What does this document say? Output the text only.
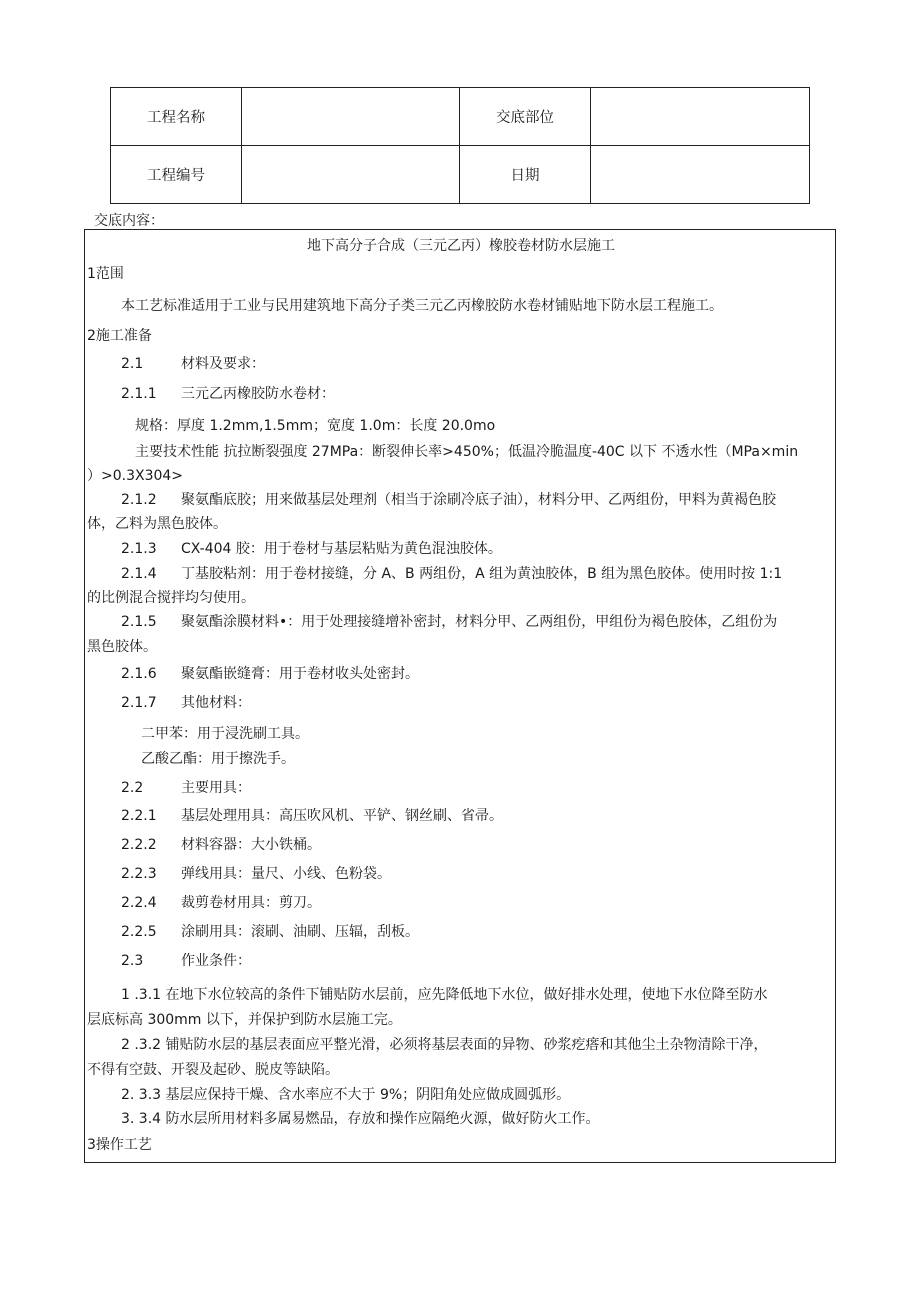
工程名称		交底部位	
工程编号		日期	
交底内容：
地下高分子合成（三元乙丙）橡胶卷材防水层施工
1范围
本工艺标准适用于工业与民用建筑地下高分子类三元乙丙橡胶防水卷材铺贴地下防水层工程施工。
2施工准备
2.1	材料及要求：
2.1.1 三元乙丙橡胶防水卷材：
规格：厚度 1.2mm,1.5mm；宽度 1.0m：长度 20.0mo
主要技术性能 抗拉断裂强度 27MPa：断裂伸长率>450%；低温冷脆温度-40C 以下 不透水性（MPa×min
）>0.3X304>
2.1.2 聚氨酯底胶；用来做基层处理剂（相当于涂刷冷底子油），材料分甲、乙两组份，甲料为黄褐色胶
体，乙料为黑色胶体。
2.1.3 CX-404 胶：用于卷材与基层粘贴为黄色混浊胶体。
2.1.4 丁基胶粘剂：用于卷材接缝，分 A、B 两组份，A 组为黄浊胶体，B 组为黑色胶体。使用时按 1:1
的比例混合搅拌均匀使用。
2.1.5 聚氨酯涂膜材料•：用于处理接缝增补密封，材料分甲、乙两组份，甲组份为褐色胶体，乙组份为
黑色胶体。
2.1.6 聚氨酯嵌缝膏：用于卷材收头处密封。
2.1.7 其他材料：
二甲苯：用于浸洗刷工具。
乙酸乙酯：用于擦洗手。
2.2	主要用具：
2.2.1 基层处理用具：高压吹风机、平铲、钢丝刷、省帚。
2.2.2 材料容器：大小铁桶。
2.2.3 弹线用具：量尺、小线、色粉袋。
2.2.4 裁剪卷材用具：剪刀。
2.2.5 涂刷用具：滚刷、油刷、压辐，刮板。
2.3	作业条件：
1 .3.1 在地下水位较高的条件下铺贴防水层前，应先降低地下水位，做好排水处理，使地下水位降至防水
层底标高 300mm 以下，并保护到防水层施工完。
2 .3.2 铺贴防水层的基层表面应平整光滑，必须将基层表面的异物、砂浆疙瘩和其他尘土杂物清除干净，
不得有空鼓、开裂及起砂、脱皮等缺陷。
2. 3.3 基层应保持干燥、含水率应不大于 9%；阴阳角处应做成圆弧形。
3. 3.4 防水层所用材料多属易燃品，存放和操作应隔绝火源，做好防火工作。
3操作工艺
